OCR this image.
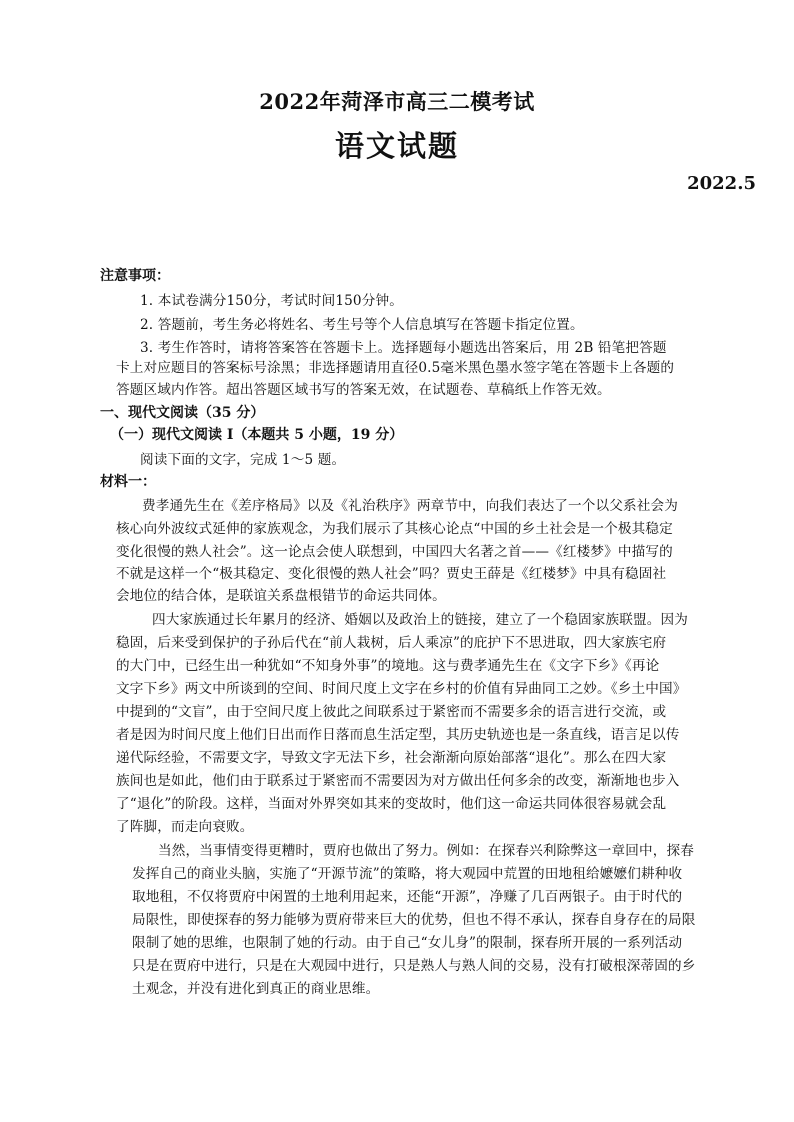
2022年菏泽市高三二模考试
语文试题
2022.5
注意事项：
1. 本试卷满分150分，考试时间150分钟。
2. 答题前，考生务必将姓名、考生号等个人信息填写在答题卡指定位置。
3. 考生作答时，请将答案答在答题卡上。选择题每小题选出答案后，用 2B 铅笔把答题
卡上对应题目的答案标号涂黑；非选择题请用直径0.5毫米黑色墨水签字笔在答题卡上各题的
答题区域内作答。超出答题区域书写的答案无效，在试题卷、草稿纸上作答无效。
一、现代文阅读（35 分）
（一）现代文阅读 I（本题共 5 小题，19 分）
阅读下面的文字，完成 1～5 题。
材料一：
费孝通先生在《差序格局》以及《礼治秩序》两章节中，向我们表达了一个以父系社会为
核心向外波纹式延伸的家族观念，为我们展示了其核心论点“中国的乡土社会是一个极其稳定
变化很慢的熟人社会”。这一论点会使人联想到，中国四大名著之首——《红楼梦》中描写的
不就是这样一个“极其稳定、变化很慢的熟人社会”吗？贾史王薛是《红楼梦》中具有稳固社
会地位的结合体，是联谊关系盘根错节的命运共同体。
四大家族通过长年累月的经济、婚姻以及政治上的链接，建立了一个稳固家族联盟。因为
稳固，后来受到保护的子孙后代在“前人栽树，后人乘凉”的庇护下不思进取，四大家族宅府
的大门中，已经生出一种犹如“不知身外事”的境地。这与费孝通先生在《文字下乡》《再论
文字下乡》两文中所谈到的空间、时间尺度上文字在乡村的价值有异曲同工之妙。《乡土中国》
中提到的“文盲”，由于空间尺度上彼此之间联系过于紧密而不需要多余的语言进行交流，或
者是因为时间尺度上他们日出而作日落而息生活定型，其历史轨迹也是一条直线，语言足以传
递代际经验，不需要文字，导致文字无法下乡，社会渐渐向原始部落“退化”。那么在四大家
族间也是如此，他们由于联系过于紧密而不需要因为对方做出任何多余的改变，渐渐地也步入
了“退化”的阶段。这样，当面对外界突如其来的变故时，他们这一命运共同体很容易就会乱
了阵脚，而走向衰败。
当然，当事情变得更糟时，贾府也做出了努力。例如：在探春兴利除弊这一章回中，探春
发挥自己的商业头脑，实施了“开源节流”的策略，将大观园中荒置的田地租给嬷嬷们耕种收
取地租，不仅将贾府中闲置的土地利用起来，还能“开源”，净赚了几百两银子。由于时代的
局限性，即使探春的努力能够为贾府带来巨大的优势，但也不得不承认，探春自身存在的局限
限制了她的思维，也限制了她的行动。由于自己“女儿身”的限制，探春所开展的一系列活动
只是在贾府中进行，只是在大观园中进行，只是熟人与熟人间的交易，没有打破根深蒂固的乡
土观念，并没有进化到真正的商业思维。
